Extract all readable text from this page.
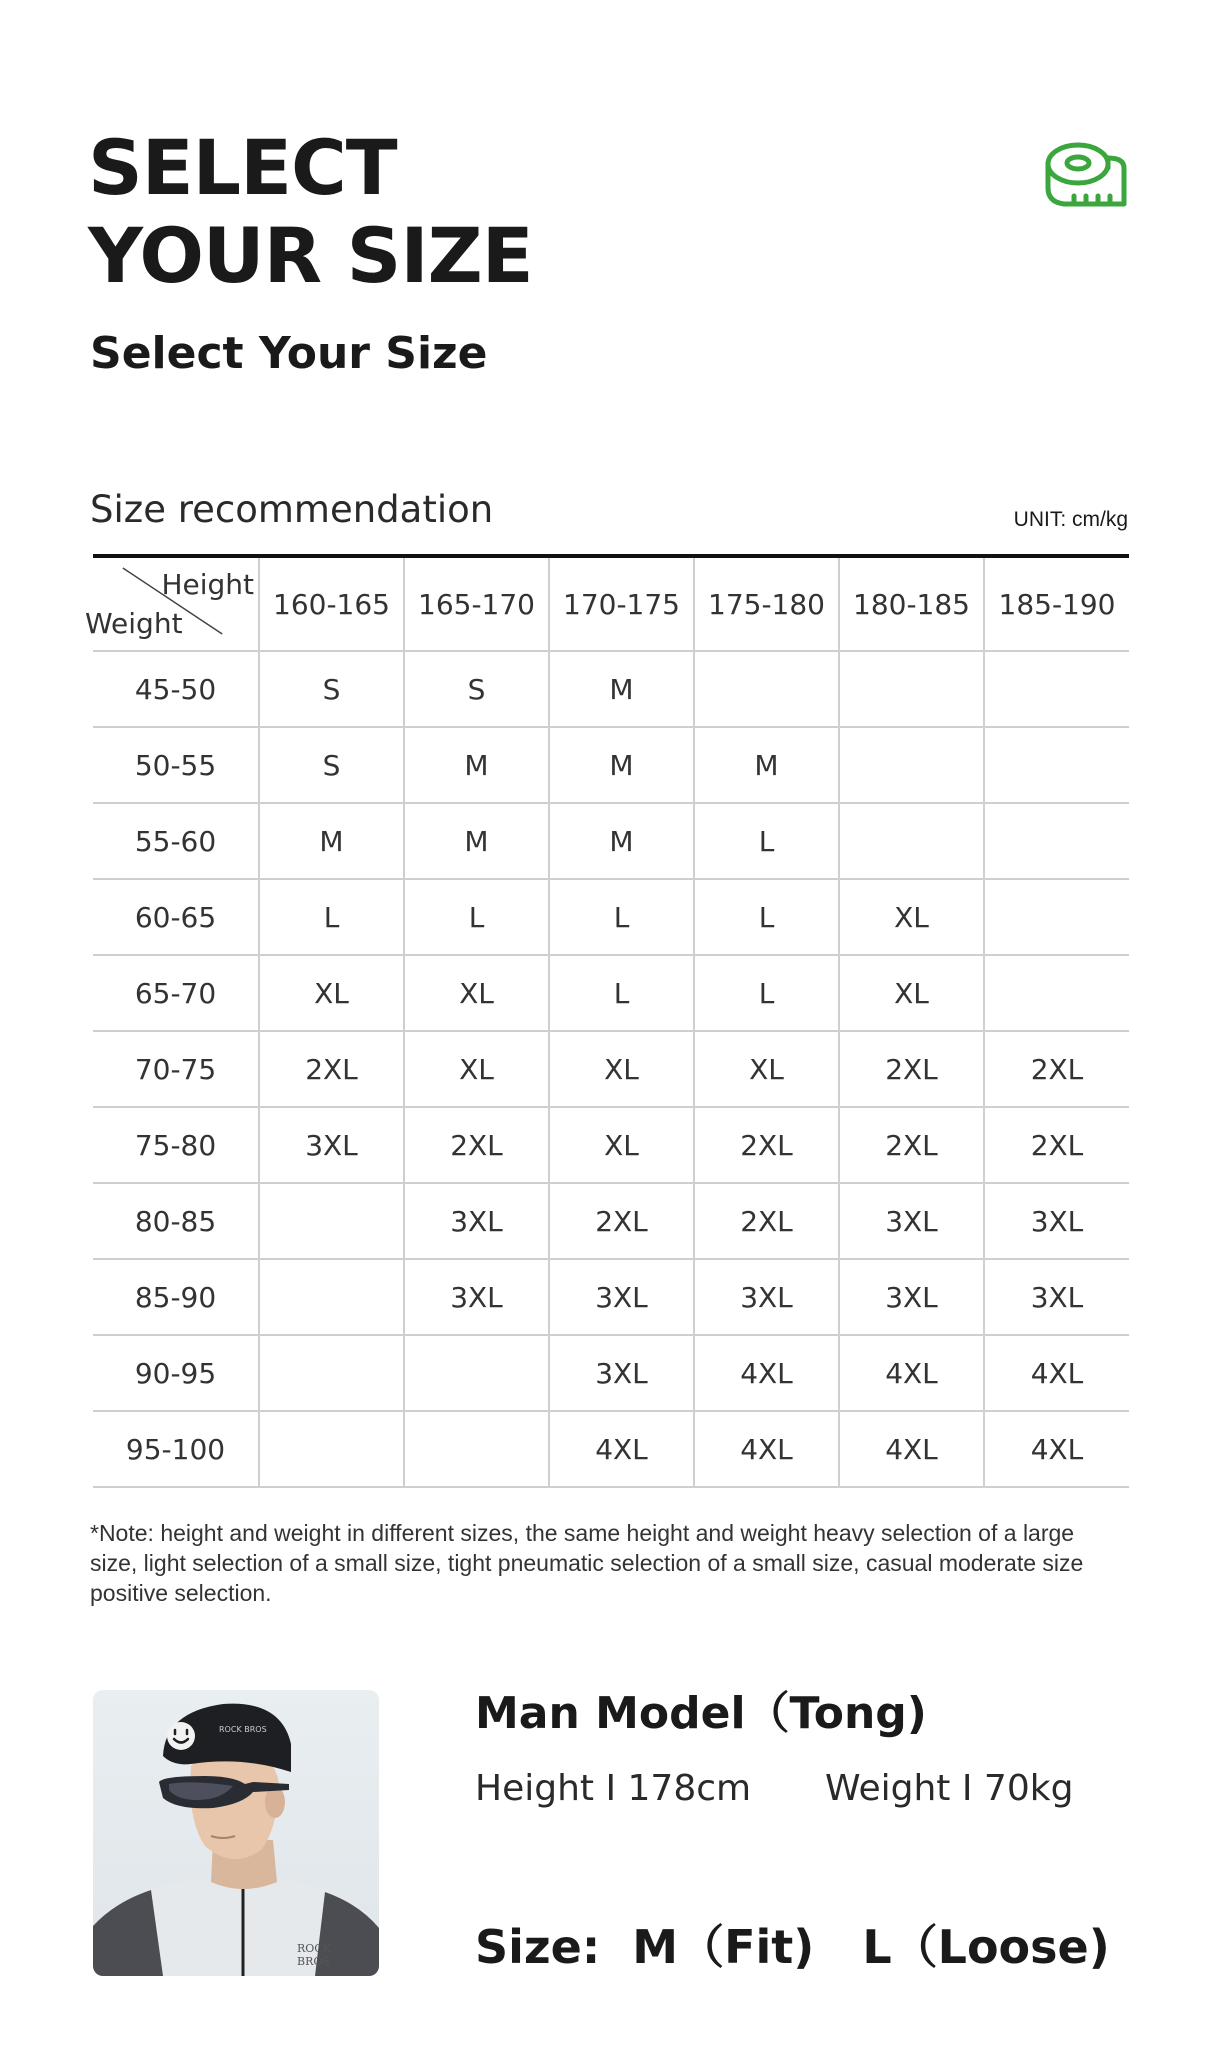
SELECT
YOUR SIZE
Select Your Size
Size recommendation	UNIT: cm/kg
Height
Weight	160-165	165-170	170-175	175-180	180-185	185-190
45-50	S	S	M			
50-55	S	M	M	M		
55-60	M	M	M	L		
60-65	L	L	L	L	XL	
65-70	XL	XL	L	L	XL	
70-75	2XL	XL	XL	XL	2XL	2XL
75-80	3XL	2XL	XL	2XL	2XL	2XL
80-85		3XL	2XL	2XL	3XL	3XL
85-90		3XL	3XL	3XL	3XL	3XL
90-95			3XL	4XL	4XL	4XL
95-100			4XL	4XL	4XL	4XL

*Note: height and weight in different sizes, the same height and weight heavy selection of a large size, light selection of a small size, tight pneumatic selection of a small size, casual moderate size positive selection.

ROCK BROS
ROCK
BROS
Man Model（Tong)
Height I 178cm Weight I 70kg
Size:  M（Fit)   L（Loose)
